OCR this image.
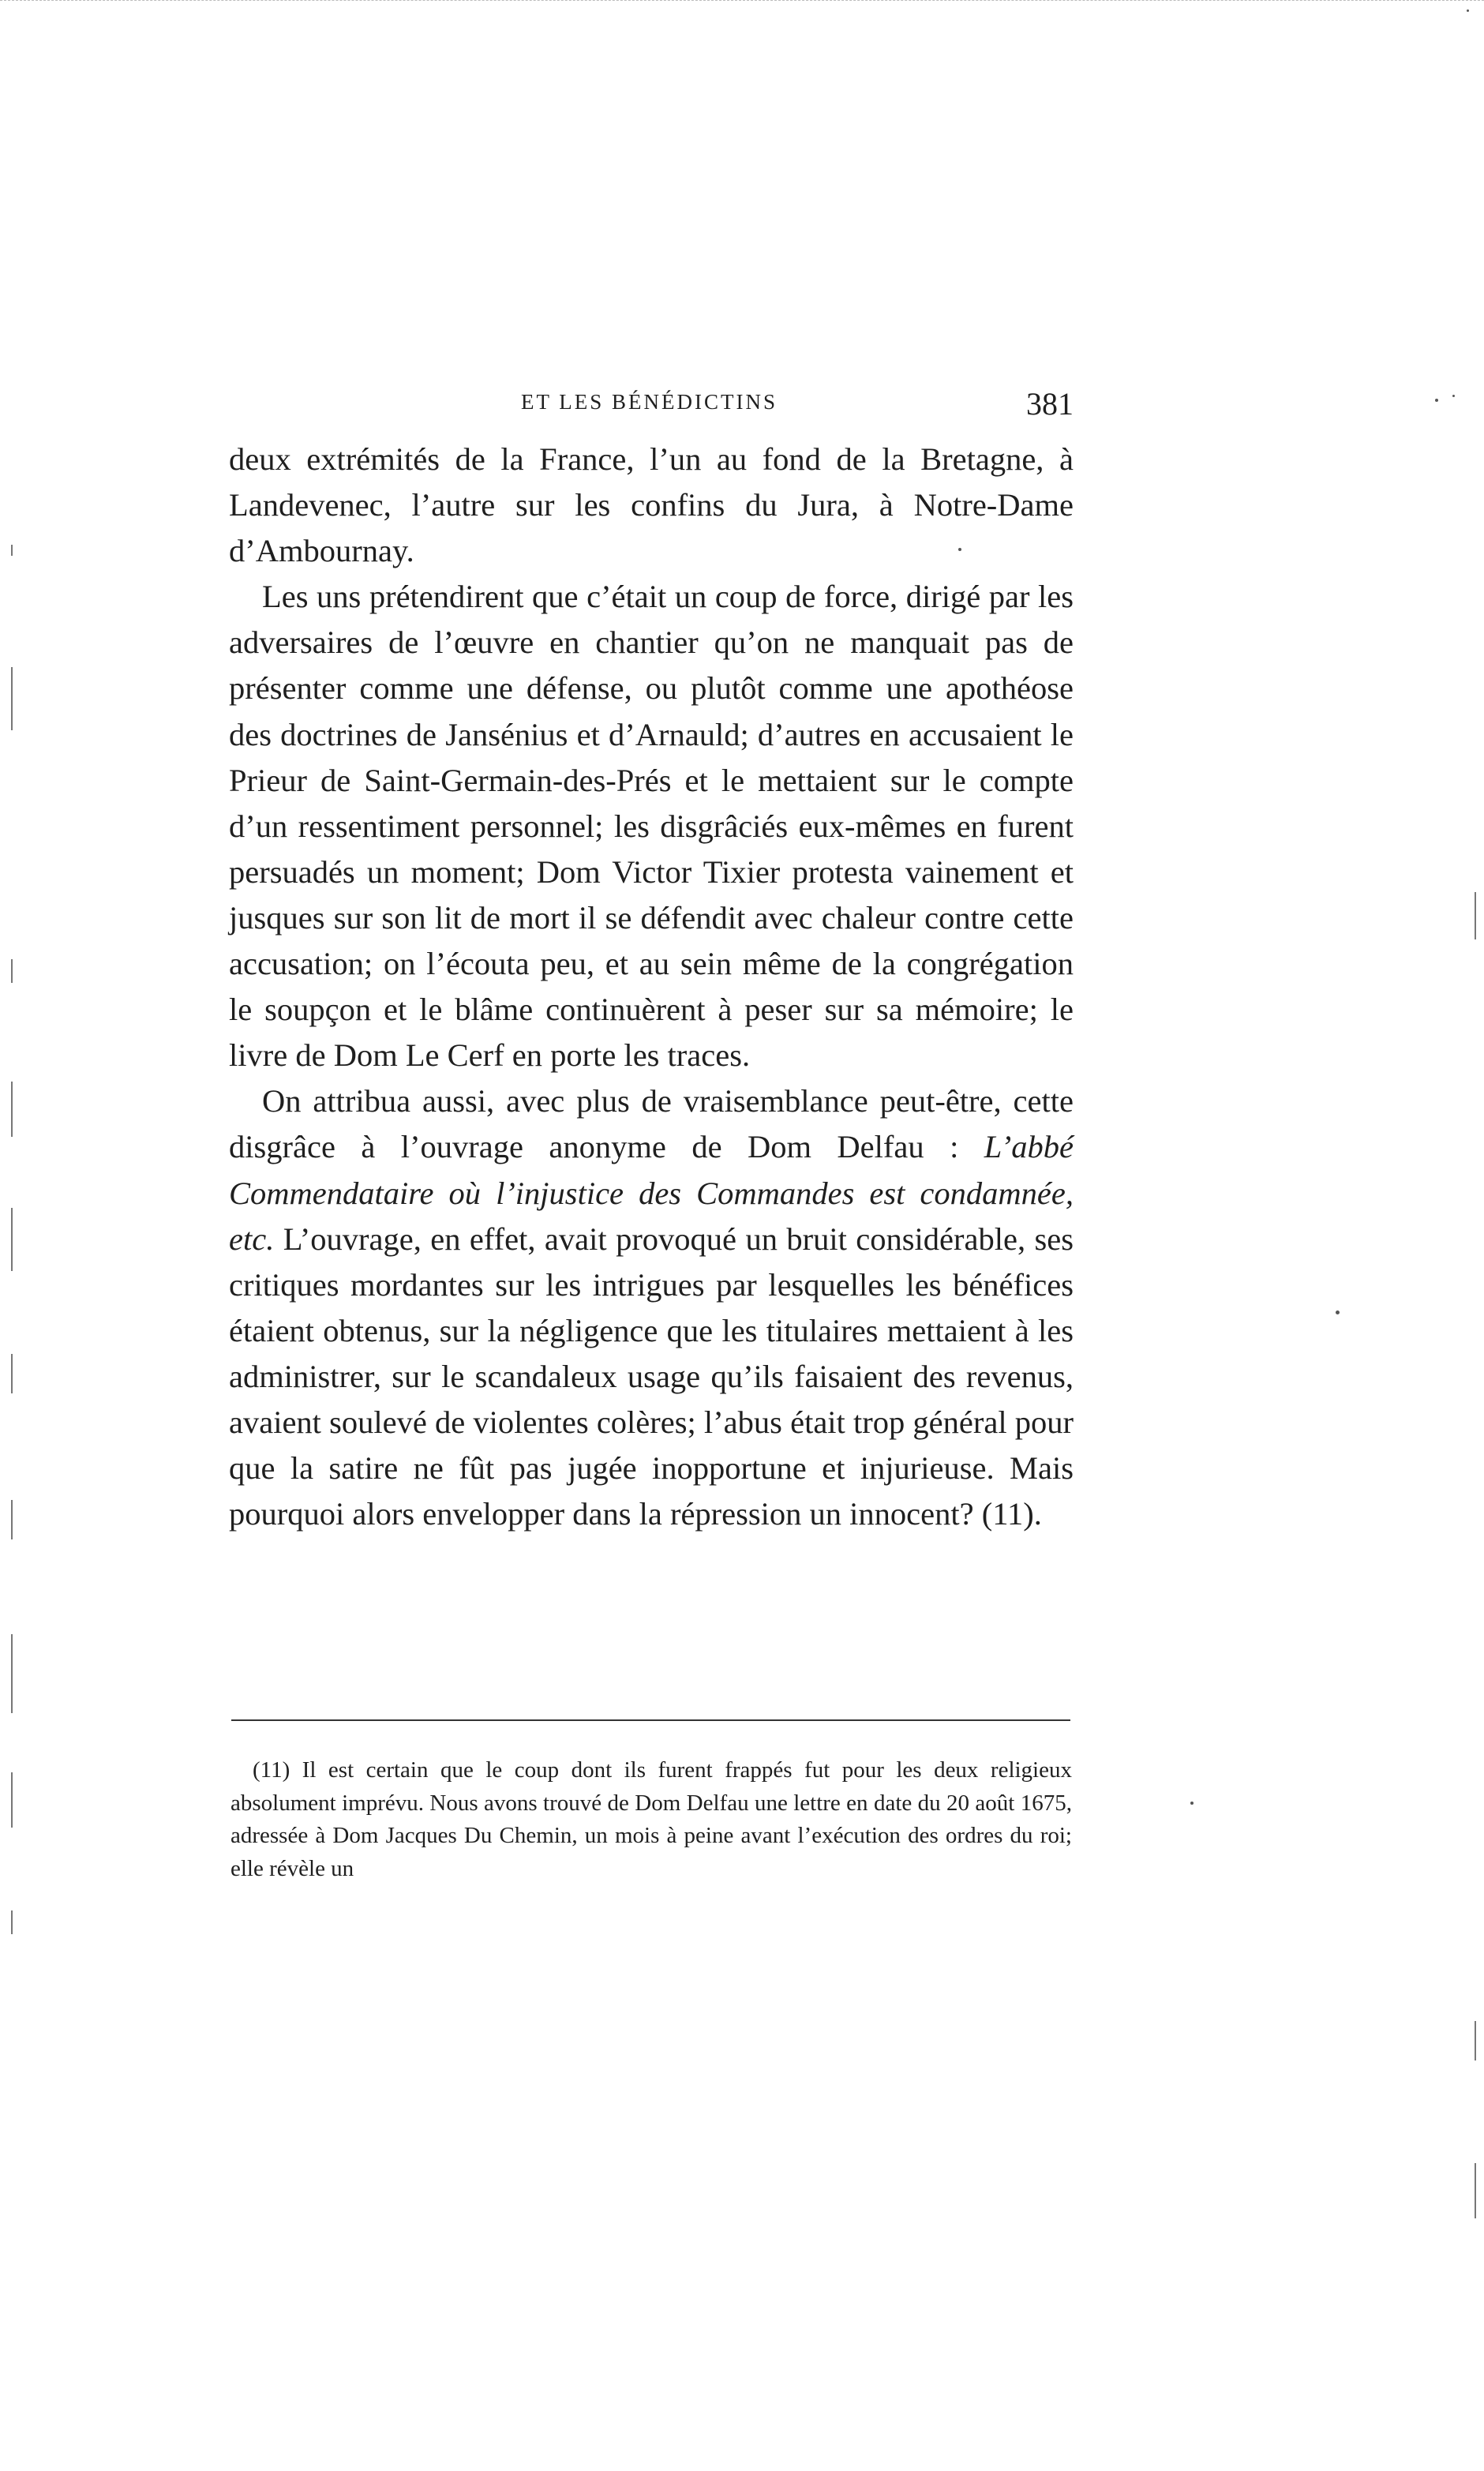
ET LES BÉNÉDICTINS	381

deux extrémités de la France, l’un au fond de la Bretagne, à Landevenec, l’autre sur les confins du Jura, à Notre-Dame d’Ambournay.

Les uns prétendirent que c’était un coup de force, dirigé par les adversaires de l’œuvre en chantier qu’on ne manquait pas de présenter comme une défense, ou plutôt comme une apothéose des doctrines de Jansénius et d’Arnauld; d’autres en accusaient le Prieur de Saint-Germain-des-Prés et le mettaient sur le compte d’un ressentiment personnel; les disgrâciés eux-mêmes en furent persuadés un moment; Dom Victor Tixier protesta vainement et jusques sur son lit de mort il se défendit avec chaleur contre cette accusation; on l’écouta peu, et au sein même de la congrégation le soupçon et le blâme continuèrent à peser sur sa mémoire; le livre de Dom Le Cerf en porte les traces.

On attribua aussi, avec plus de vraisemblance peut-être, cette disgrâce à l’ouvrage anonyme de Dom Delfau : L’abbé Commendataire où l’injustice des Commandes est condamnée, etc. L’ouvrage, en effet, avait provoqué un bruit considérable, ses critiques mordantes sur les intrigues par lesquelles les bénéfices étaient obtenus, sur la négligence que les titulaires mettaient à les administrer, sur le scandaleux usage qu’ils faisaient des revenus, avaient soulevé de violentes colères; l’abus était trop général pour que la satire ne fût pas jugée inopportune et injurieuse. Mais pourquoi alors envelopper dans la répression un innocent? (11).

(11) Il est certain que le coup dont ils furent frappés fut pour les deux religieux absolument imprévu. Nous avons trouvé de Dom Delfau une lettre en date du 20 août 1675, adressée à Dom Jacques Du Chemin, un mois à peine avant l’exécution des ordres du roi; elle révèle un
